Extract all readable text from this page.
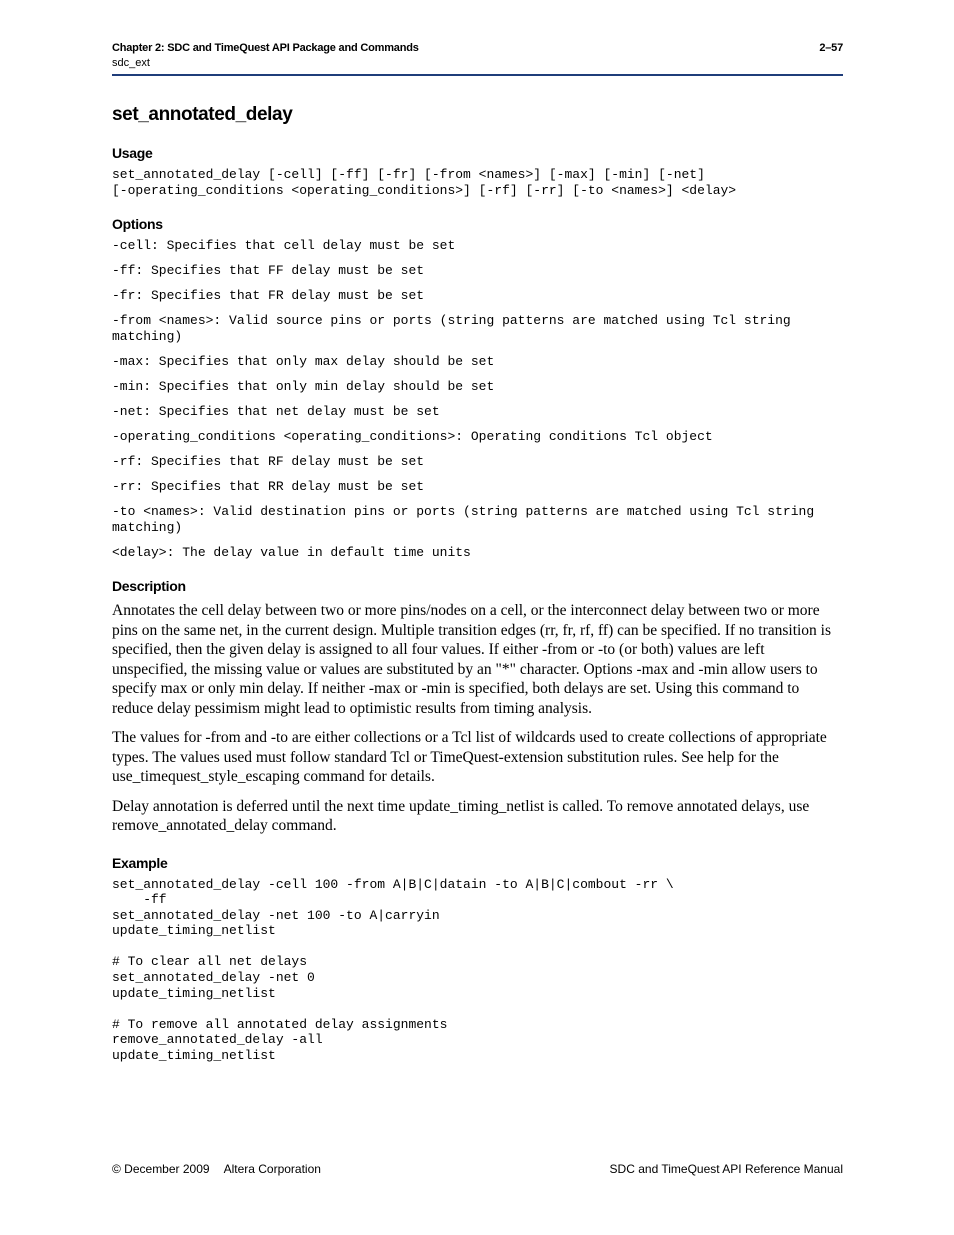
Chapter 2: SDC and TimeQuest API Package and Commands	2–57
sdc_ext
set_annotated_delay
Usage

set_annotated_delay [-cell] [-ff] [-fr] [-from <names>] [-max] [-min] [-net]
[-operating_conditions <operating_conditions>] [-rf] [-rr] [-to <names>] <delay>

Options

-cell: Specifies that cell delay must be set

-ff: Specifies that FF delay must be set

-fr: Specifies that FR delay must be set

-from <names>: Valid source pins or ports (string patterns are matched using Tcl string matching)

-max: Specifies that only max delay should be set

-min: Specifies that only min delay should be set

-net: Specifies that net delay must be set

-operating_conditions <operating_conditions>: Operating conditions Tcl object

-rf: Specifies that RF delay must be set

-rr: Specifies that RR delay must be set

-to <names>: Valid destination pins or ports (string patterns are matched using Tcl string matching)

<delay>: The delay value in default time units

Description

Annotates the cell delay between two or more pins/nodes on a cell, or the interconnect delay between two or more pins on the same net, in the current design. Multiple transition edges (rr, fr, rf, ff) can be specified. If no transition is specified, then the given delay is assigned to all four values. If either -from or -to (or both) values are left unspecified, the missing value or values are substituted by an "*" character. Options -max and -min allow users to specify max or only min delay. If neither -max or -min is specified, both delays are set. Using this command to reduce delay pessimism might lead to optimistic results from timing analysis.

The values for -from and -to are either collections or a Tcl list of wildcards used to create collections of appropriate types. The values used must follow standard Tcl or TimeQuest-extension substitution rules. See help for the use_timequest_style_escaping command for details.

Delay annotation is deferred until the next time update_timing_netlist is called. To remove annotated delays, use remove_annotated_delay command.

Example

set_annotated_delay -cell 100 -from A|B|C|datain -to A|B|C|combout -rr \
-ff
set_annotated_delay -net 100 -to A|carryin
update_timing_netlist

# To clear all net delays
set_annotated_delay -net 0
update_timing_netlist

# To remove all annotated delay assignments
remove_annotated_delay -all
update_timing_netlist

© December 2009 Altera Corporation	SDC and TimeQuest API Reference Manual
